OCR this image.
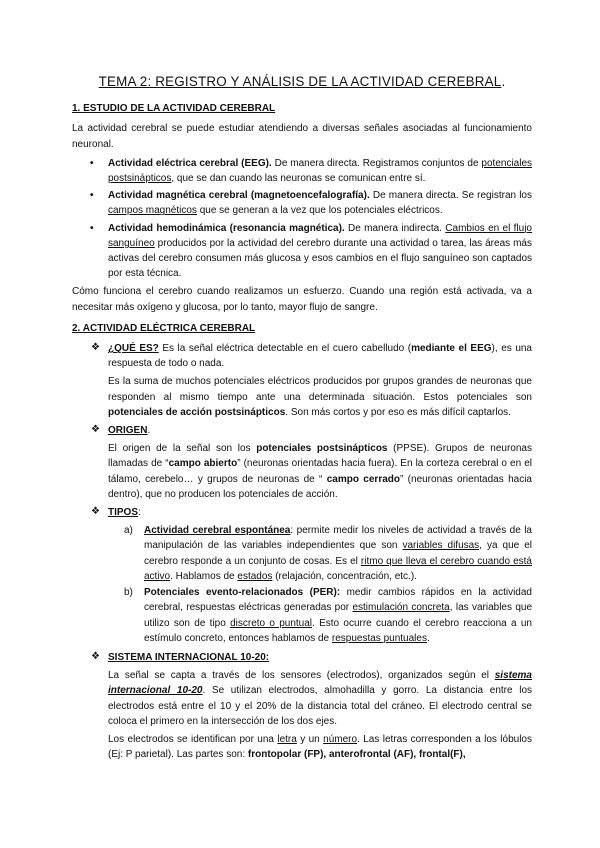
TEMA 2: REGISTRO Y ANÁLISIS DE LA ACTIVIDAD CEREBRAL.
1. ESTUDIO DE LA ACTIVIDAD CEREBRAL

La actividad cerebral se puede estudiar atendiendo a diversas señales asociadas al funcionamiento neuronal.

• Actividad eléctrica cerebral (EEG). De manera directa. Registramos conjuntos de potenciales postsinápticos, que se dan cuando las neuronas se comunican entre sí.
• Actividad magnética cerebral (magnetoencefalografía). De manera directa. Se registran los campos magnéticos que se generan a la vez que los potenciales eléctricos.
• Actividad hemodinámica (resonancia magnética). De manera indirecta. Cambios en el flujo sanguíneo producidos por la actividad del cerebro durante una actividad o tarea, las áreas más activas del cerebro consumen más glucosa y esos cambios en el flujo sanguíneo son captados por esta técnica.

Cómo funciona el cerebro cuando realizamos un esfuerzo. Cuando una región está activada, va a necesitar más oxígeno y glucosa, por lo tanto, mayor flujo de sangre.

2. ACTIVIDAD ELÉCTRICA CEREBRAL
❖ ¿QUÉ ES? Es la señal eléctrica detectable en el cuero cabelludo (mediante el EEG), es una respuesta de todo o nada.

Es la suma de muchos potenciales eléctricos producidos por grupos grandes de neuronas que responden al mismo tiempo ante una determinada situación. Estos potenciales son potenciales de acción postsinápticos. Son más cortos y por eso es más difícil captarlos.

❖ ORIGEN.

El origen de la señal son los potenciales postsinápticos (PPSE). Grupos de neuronas llamadas de “campo abierto” (neuronas orientadas hacia fuera). En la corteza cerebral o en el tálamo, cerebelo… y grupos de neuronas de “ campo cerrado” (neuronas orientadas hacia dentro), que no producen los potenciales de acción.

❖ TIPOS:

a) Actividad cerebral espontánea: permite medir los niveles de actividad a través de la manipulación de las variables independientes que son variables difusas, ya que el cerebro responde a un conjunto de cosas. Es el ritmo que lleva el cerebro cuando está activo. Hablamos de estados (relajación, concentración, etc.).
b) Potenciales evento-relacionados (PER): medir cambios rápidos en la actividad cerebral, respuestas eléctricas generadas por estimulación concreta, las variables que utilizo son de tipo discreto o puntual. Esto ocurre cuando el cerebro reacciona a un estímulo concreto, entonces hablamos de respuestas puntuales.
❖ SISTEMA INTERNACIONAL 10-20:

La señal se capta a través de los sensores (electrodos), organizados según el sistema internacional 10-20. Se utilizan electrodos, almohadilla y gorro. La distancia entre los electrodos está entre el 10 y el 20% de la distancia total del cráneo. El electrodo central se coloca el primero en la intersección de los dos ejes.

Los electrodos se identifican por una letra y un número. Las letras corresponden a los lóbulos (Ej: P parietal). Las partes son: frontopolar (FP), anterofrontal (AF), frontal(F),
